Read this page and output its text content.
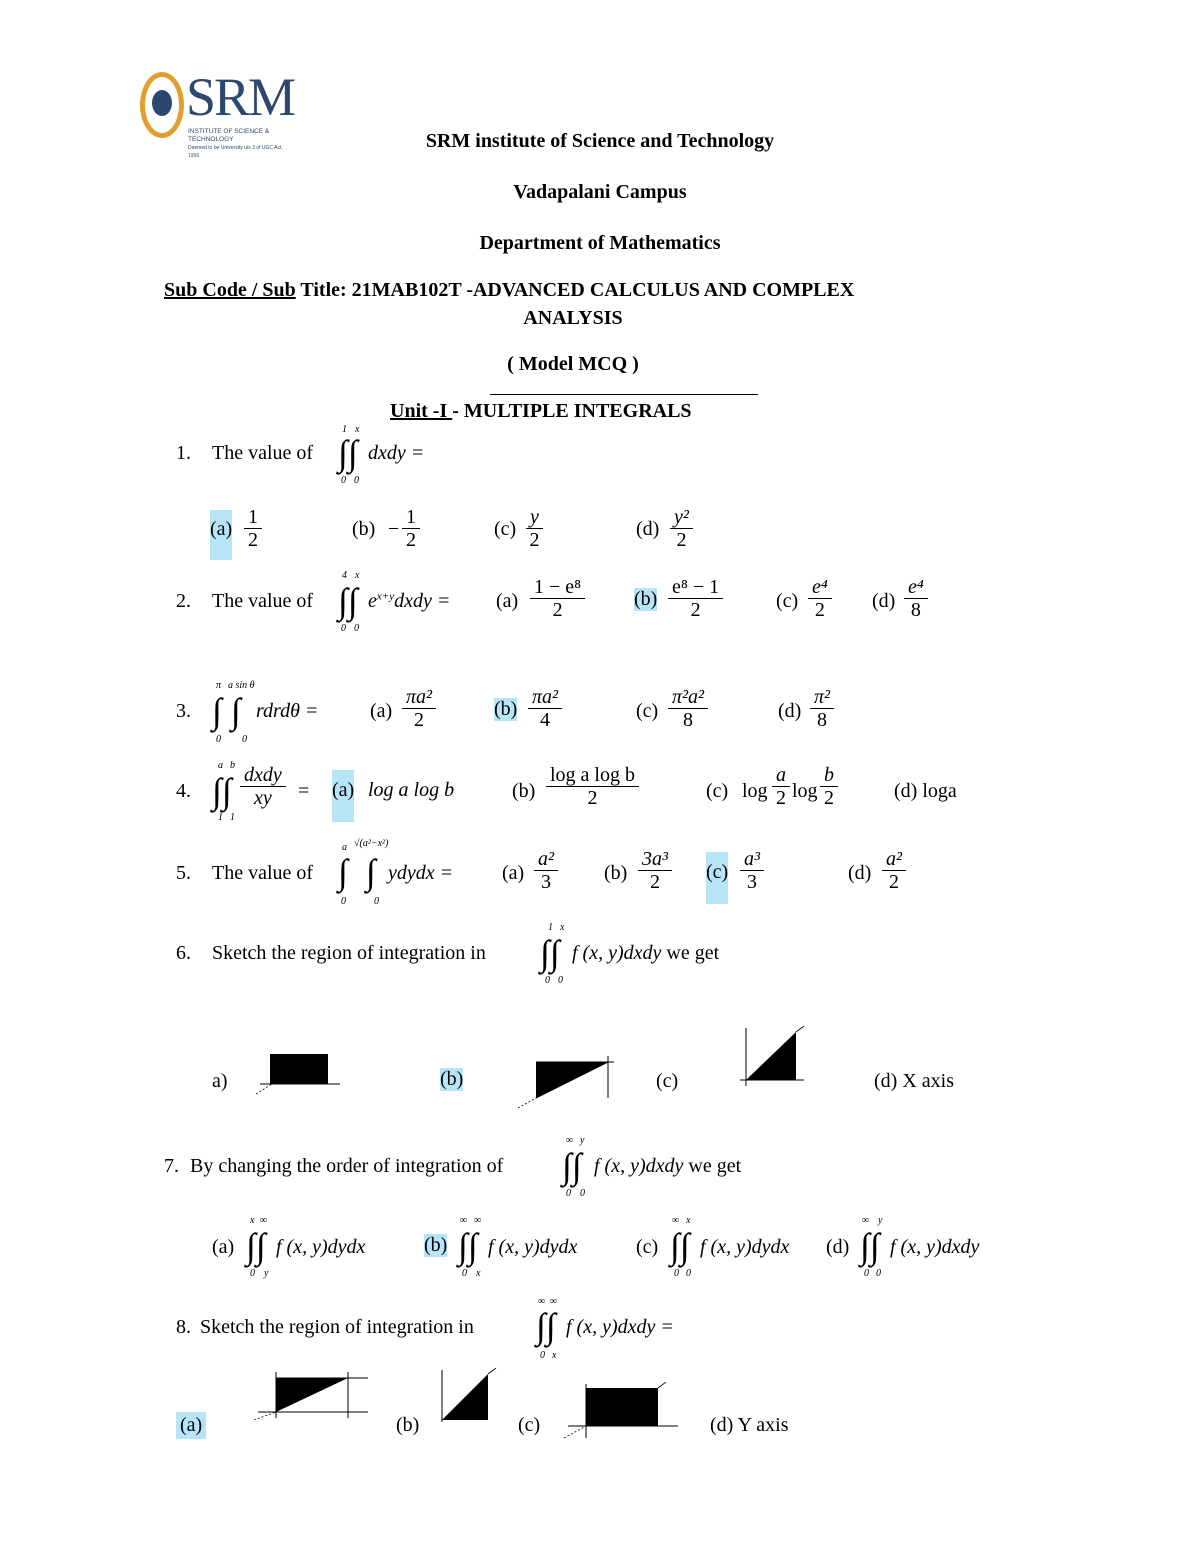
SRM
INSTITUTE OF SCIENCE & TECHNOLOGY
Deemed to be University u/s 3 of UGC Act, 1956
SRM institute of Science and Technology
Vadapalani Campus
Department of Mathematics
Sub Code / Sub Title: 21MAB102T -ADVANCED CALCULUS AND COMPLEX
ANALYSIS
( Model MCQ )
Unit -I - MULTIPLE INTEGRALS
1. The value of ∫∫
1 x
0 0
dxdy =
$(a) \frac{1}{2}$	$(b) - \frac{1}{2}$	$(c) \frac{y}{2}$	$(d) \frac{\text{y²}}{2}$
2. The value of ∫∫
4 x
0 0
$e^{x+y}dxdy = (a) \frac{\text{1 − e⁸}}{2} (b) \frac{\text{e⁸ − 1}}{2}$	$(c) \frac{\text{e⁴}}{2} (d) \frac{\text{e⁴}}{8}$
3. ∫ ∫
π a sin θ
0 0
rdrdθ =	$(a) \frac{\text{πa²}}{2}$	$(b) \frac{\text{πa²}}{4}$	$(c) \frac{\text{π²a²}}{8}$	$(d) \frac{\text{π²}}{8}$
4. ∫∫
a b
1 1
dxdy
xy	= (a) log a log b	$(b) \frac{\text{log a log b}}{2}$	(c) $\log \frac{a}{2}$ $\log \frac{b}{2}$	(d) loga
5. The value of ∫  ∫
a √(a²−x²)
0	0
ydydx = $(a) \frac{\text{a²}}{3} (b) \frac{\text{3a³}}{2} (c) \frac{\text{a³}}{3}$	$(d) \frac{\text{a²}}{2}$
6. Sketch the region of integration in ∫∫
1 x
0 0
f (x, y)dxdy we get
a)	(b)	(c)	(d) X axis
7. By changing the order of integration of ∫∫
∞ y
0 0
f (x, y)dxdy we get
(a) ∫∫
x ∞
0 y
f (x, y)dydx	(b) ∫∫
∞ ∞
0 x
f (x, y)dydx	(c) ∫∫
∞ x
0 0
f (x, y)dydx (d) ∫∫
∞ y
0 0
f (x, y)dxdy
8. Sketch the region of integration in ∫∫
∞ ∞
0 x
f (x, y)dxdy =
(a)	(b)	(c)	(d) Y axis
